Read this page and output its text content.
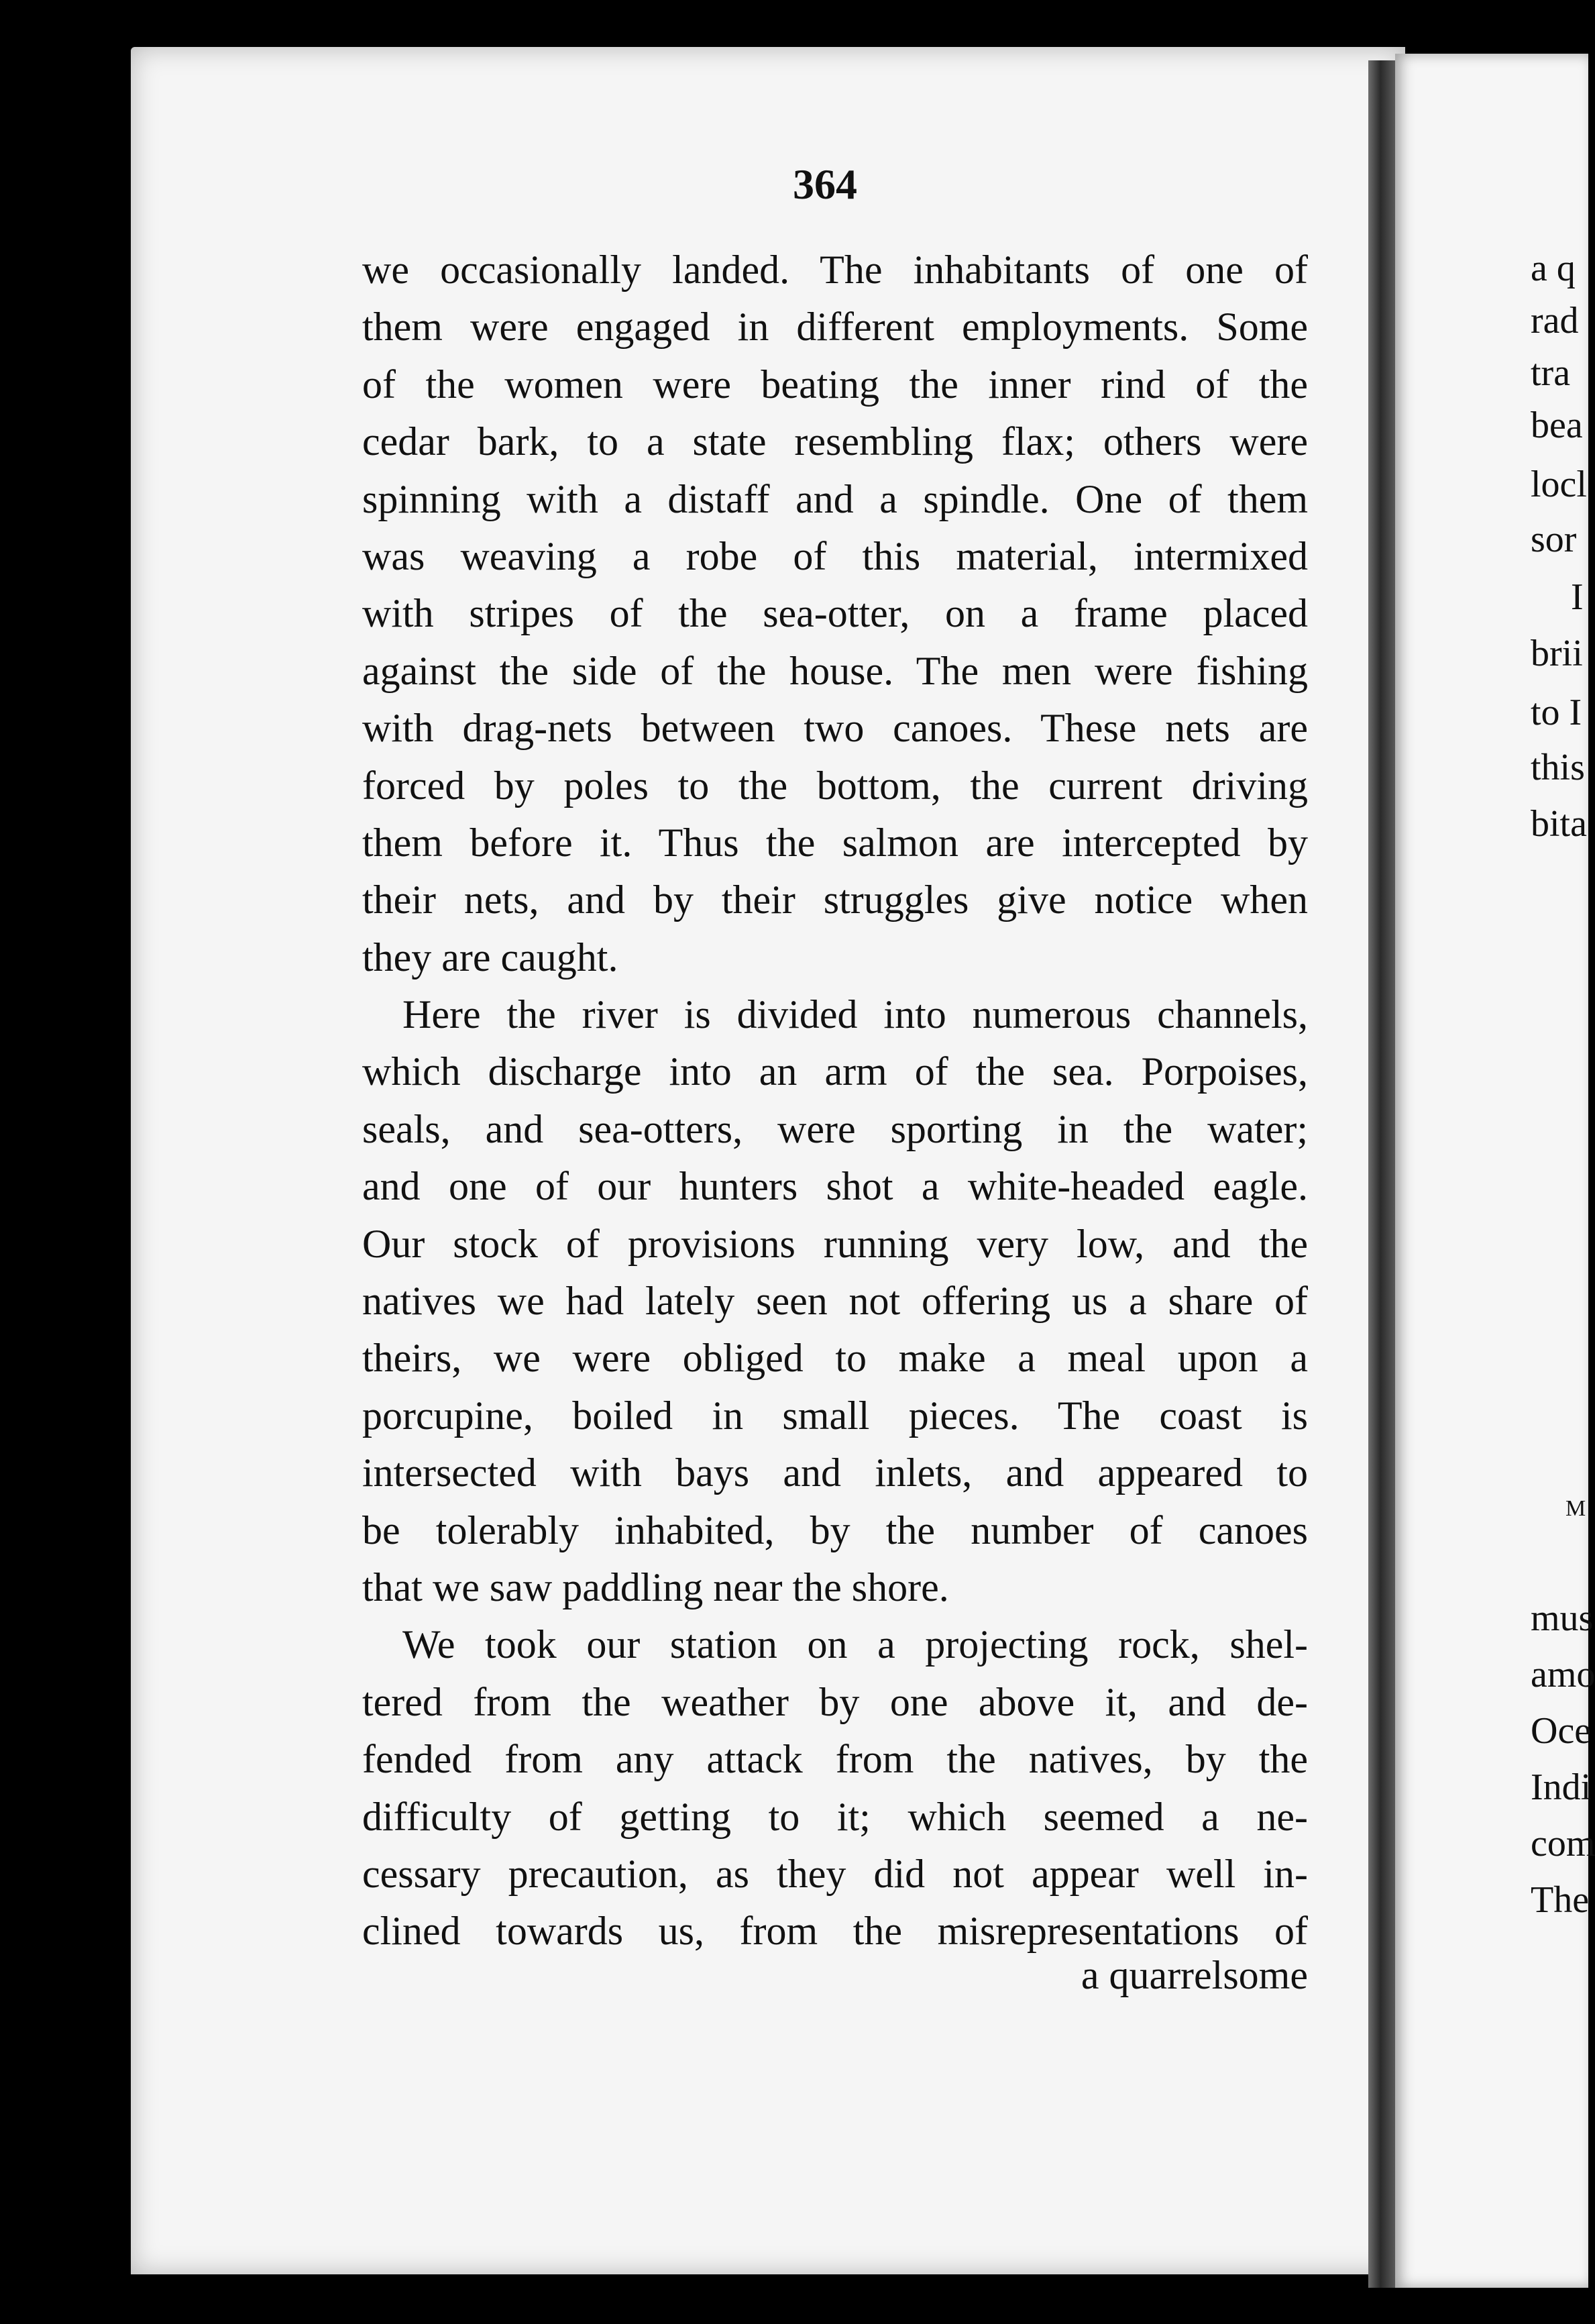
364
we occasionally landed. The inhabitants of one of
them were engaged in different employments. Some
of the women were beating the inner rind of the
cedar bark, to a state resembling flax; others were
spinning with a distaff and a spindle. One of them
was weaving a robe of this material, intermixed
with stripes of the sea-otter, on a frame placed
against the side of the house. The men were fishing
with drag-nets between two canoes. These nets are
forced by poles to the bottom, the current driving
them before it. Thus the salmon are intercepted by
their nets, and by their struggles give notice when
they are caught.
Here the river is divided into numerous channels,
which discharge into an arm of the sea. Porpoises,
seals, and sea-otters, were sporting in the water;
and one of our hunters shot a white-headed eagle.
Our stock of provisions running very low, and the
natives we had lately seen not offering us a share of
theirs, we were obliged to make a meal upon a
porcupine, boiled in small pieces. The coast is
intersected with bays and inlets, and appeared to
be tolerably inhabited, by the number of canoes
that we saw paddling near the shore.
We took our station on a projecting rock, shel-
tered from the weather by one above it, and de-
fended from any attack from the natives, by the
difficulty of getting to it; which seemed a ne-
cessary precaution, as they did not appear well in-
clined towards us, from the misrepresentations of
a quarrelsome
a q
rad
tra
bea
locl
sor
I
brii
to I
this
bita
M
mus
amo
Oce
Indi
com
The
